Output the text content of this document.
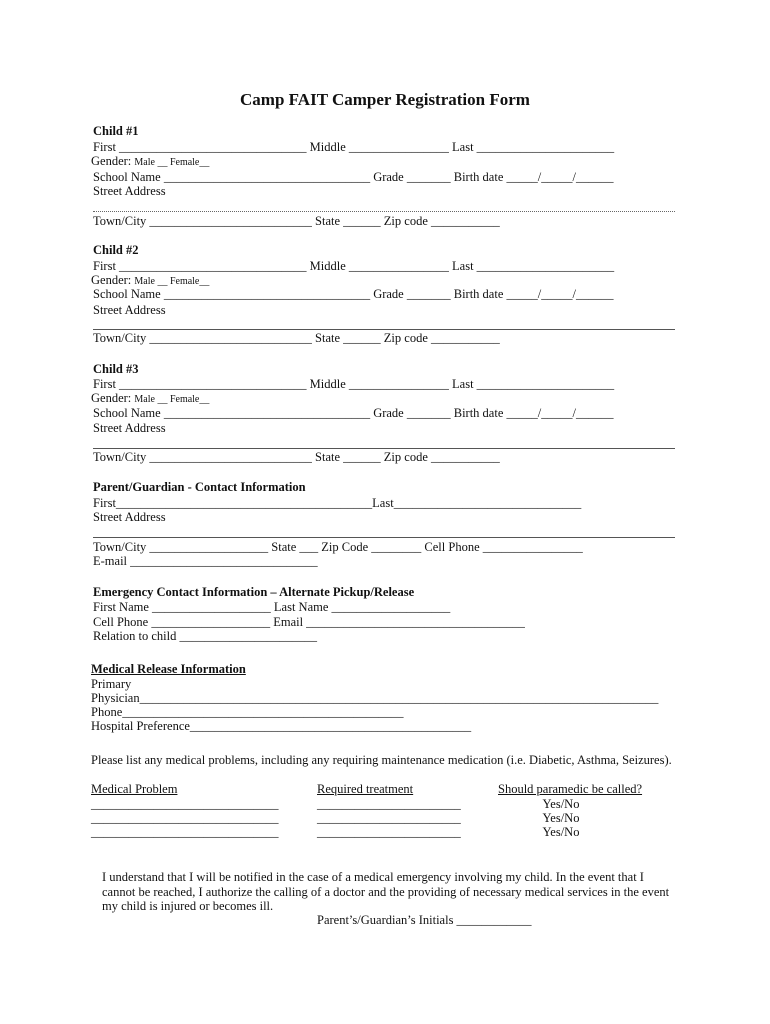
Camp FAIT Camper Registration Form
Child #1
First ______________________________ Middle ________________ Last ______________________
Gender: Male __ Female__
School Name _________________________________ Grade _______ Birth date _____/_____/______
Street Address
Town/City __________________________ State ______ Zip code ___________
Child #2
First ______________________________ Middle ________________ Last ______________________
Gender: Male __ Female__
School Name _________________________________ Grade _______ Birth date _____/_____/______
Street Address
Town/City __________________________ State ______ Zip code ___________
Child #3
First ______________________________ Middle ________________ Last ______________________
Gender: Male __ Female__
School Name _________________________________ Grade _______ Birth date _____/_____/______
Street Address
Town/City __________________________ State ______ Zip code ___________
Parent/Guardian - Contact Information
First_________________________________________Last______________________________
Street Address
Town/City ___________________ State ___ Zip Code ________ Cell Phone ________________
E-mail ______________________________
Emergency Contact Information – Alternate Pickup/Release
First Name ___________________ Last Name ___________________
Cell Phone ___________________ Email ___________________________________
Relation to child ______________________
Medical Release Information
Primary
Physician___________________________________________________________________________________
Phone_____________________________________________
Hospital Preference_____________________________________________
Please list any medical problems, including any requiring maintenance medication (i.e. Diabetic, Asthma, Seizures).
Medical Problem	Required treatment	Should paramedic be called?
______________________________	_______________________	Yes/No
______________________________	_______________________	Yes/No
______________________________	_______________________	Yes/No
I understand that I will be notified in the case of a medical emergency involving my child. In the event that I
cannot be reached, I authorize the calling of a doctor and the providing of necessary medical services in the event
my child is injured or becomes ill.
Parent’s/Guardian’s Initials ____________
